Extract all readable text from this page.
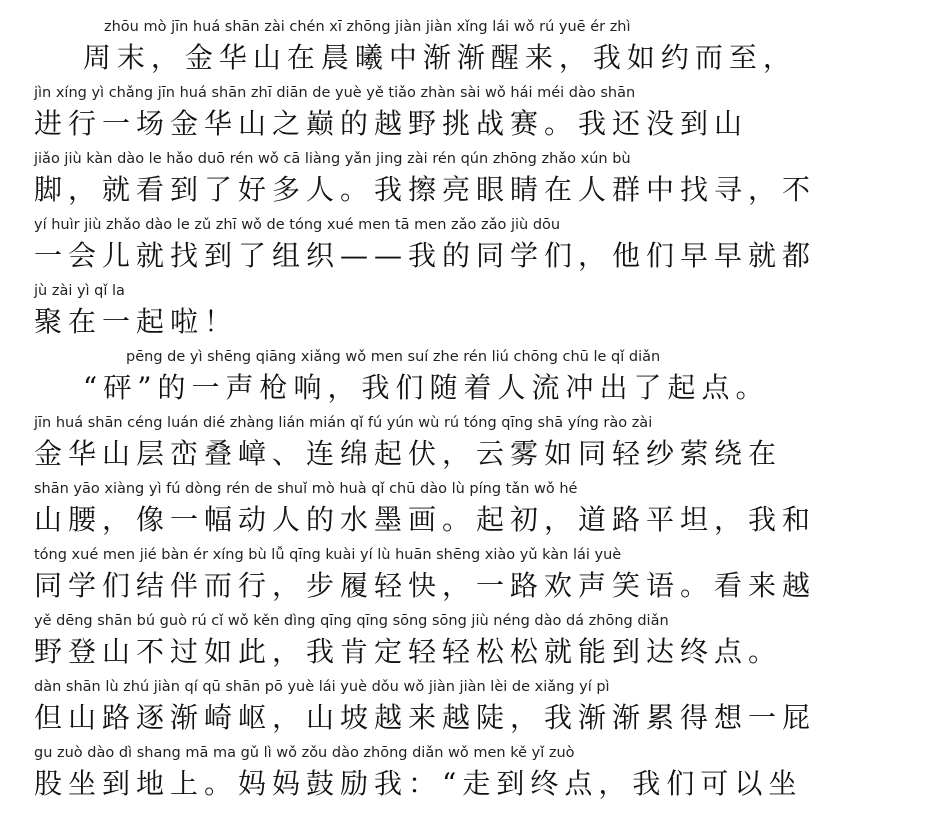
zhōu mò jīn huá shān zài chén xī zhōng jiàn jiàn xǐng lái wǒ rú yuē ér zhì
　 周末，金华山在晨曦中渐渐醒来，我如约而至，
jìn xíng yì chǎng jīn huá shān zhī diān de yuè yě tiǎo zhàn sài wǒ hái méi dào shān
进行一场金华山之巅的越野挑战赛。我还没到山
jiǎo jiù kàn dào le hǎo duō rén wǒ cā liàng yǎn jing zài rén qún zhōng zhǎo xún bù
脚，就看到了好多人。我擦亮眼睛在人群中找寻，不
yí huìr jiù zhǎo dào le zǔ zhī wǒ de tóng xué men tā men zǎo zǎo jiù dōu
一会儿就找到了组织——我的同学们，他们早早就都
jù zài yì qǐ la
聚在一起啦！
pēng de yì shēng qiāng xiǎng wǒ men suí zhe rén liú chōng chū le qǐ diǎn
　 “砰”的一声枪响，我们随着人流冲出了起点。
jīn huá shān céng luán dié zhàng lián mián qǐ fú yún wù rú tóng qīng shā yíng rào zài
金华山层峦叠嶂、连绵起伏，云雾如同轻纱萦绕在
shān yāo xiàng yì fú dòng rén de shuǐ mò huà qǐ chū dào lù píng tǎn wǒ hé
山腰，像一幅动人的水墨画。起初，道路平坦，我和
tóng xué men jié bàn ér xíng bù lǚ qīng kuài yí lù huān shēng xiào yǔ kàn lái yuè
同学们结伴而行，步履轻快，一路欢声笑语。看来越
yě dēng shān bú guò rú cǐ wǒ kěn dìng qīng qīng sōng sōng jiù néng dào dá zhōng diǎn
野登山不过如此，我肯定轻轻松松就能到达终点。
dàn shān lù zhú jiàn qí qū shān pō yuè lái yuè dǒu wǒ jiàn jiàn lèi de xiǎng yí pì
但山路逐渐崎岖，山坡越来越陡，我渐渐累得想一屁
gu zuò dào dì shang mā ma gǔ lì wǒ zǒu dào zhōng diǎn wǒ men kě yǐ zuò
股坐到地上。妈妈鼓励我：“走到终点，我们可以坐
